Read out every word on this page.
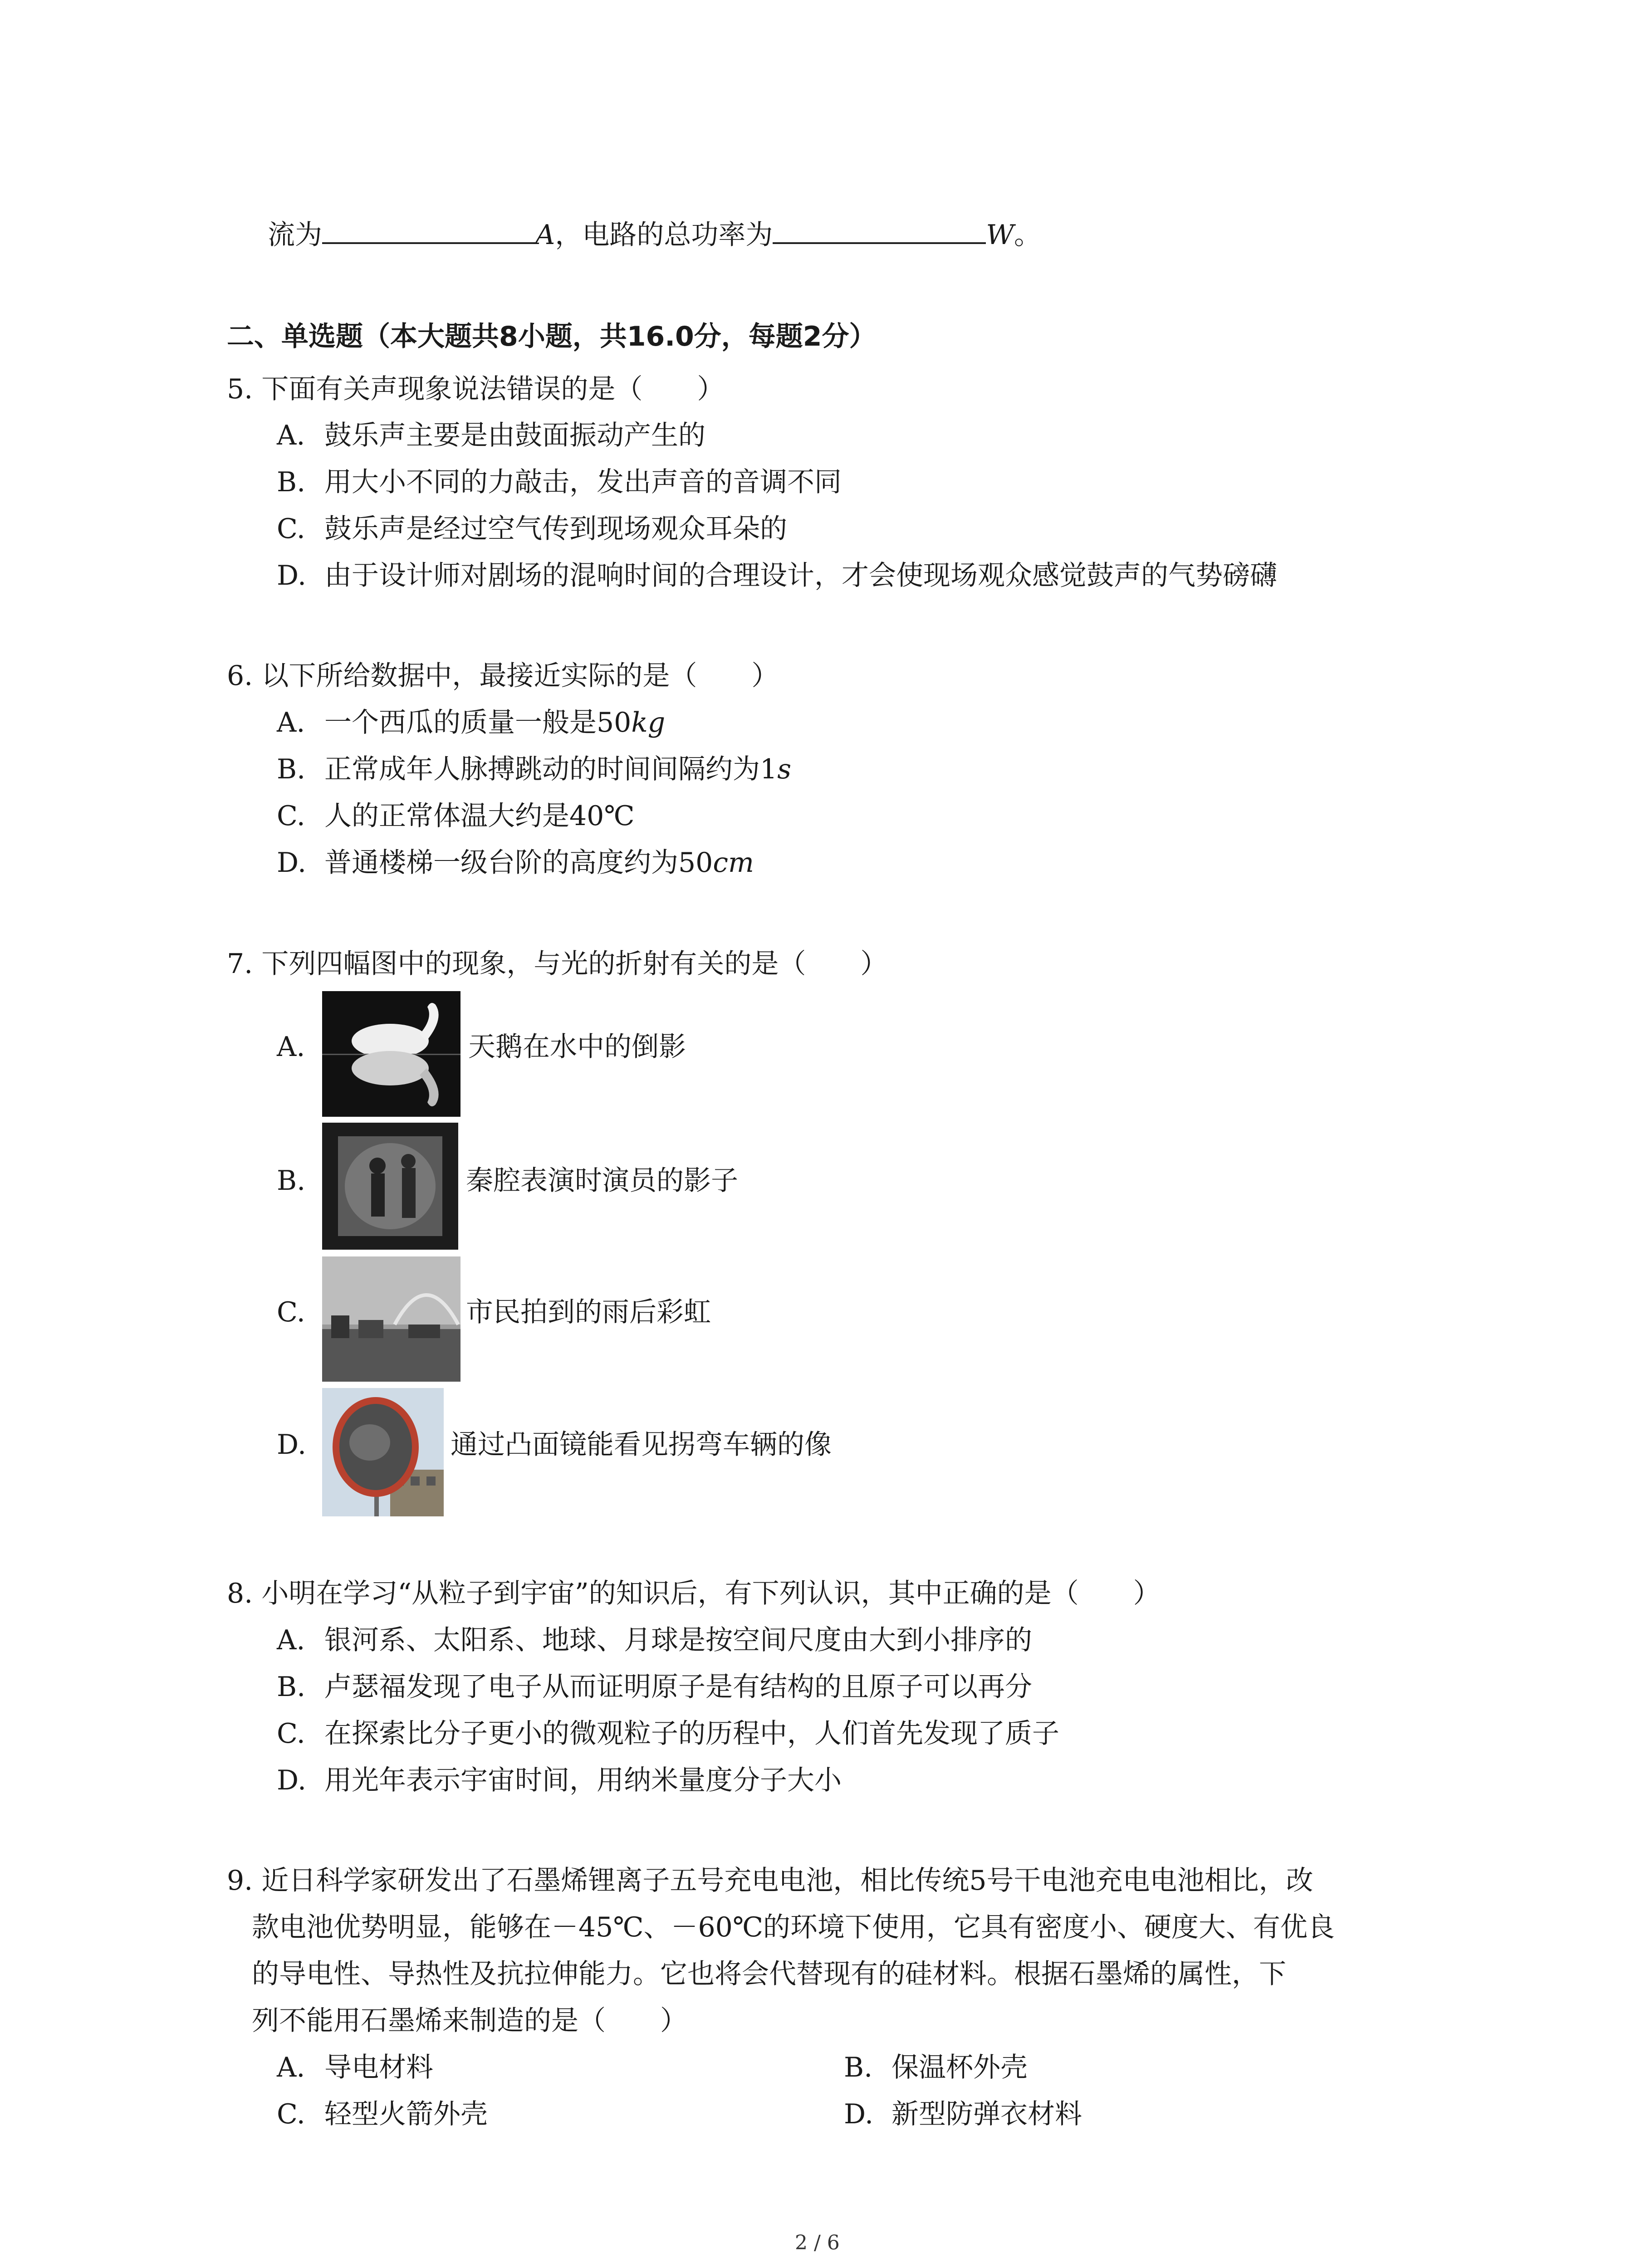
流为	A，电路的总功率为	W。
二、单选题（本大题共8小题，共16.0分，每题2分）
5. 下面有关声现象说法错误的是（　　）
A. 鼓乐声主要是由鼓面振动产生的
B. 用大小不同的力敲击，发出声音的音调不同
C. 鼓乐声是经过空气传到现场观众耳朵的
D. 由于设计师对剧场的混响时间的合理设计，才会使现场观众感觉鼓声的气势磅礴
6. 以下所给数据中，最接近实际的是（　　）
A. 一个西瓜的质量一般是50kg
B. 正常成年人脉搏跳动的时间间隔约为1s
C. 人的正常体温大约是40℃
D. 普通楼梯一级台阶的高度约为50cm
7. 下列四幅图中的现象，与光的折射有关的是（　　）
A.	天鹅在水中的倒影
B.	秦腔表演时演员的影子
C.	市民拍到的雨后彩虹
D.	通过凸面镜能看见拐弯车辆的像
8. 小明在学习“从粒子到宇宙”的知识后，有下列认识，其中正确的是（　　）
A. 银河系、太阳系、地球、月球是按空间尺度由大到小排序的
B. 卢瑟福发现了电子从而证明原子是有结构的且原子可以再分
C. 在探索比分子更小的微观粒子的历程中，人们首先发现了质子
D. 用光年表示宇宙时间，用纳米量度分子大小
9. 近日科学家研发出了石墨烯锂离子五号充电电池，相比传统5号干电池充电电池相比，改
款电池优势明显，能够在－45℃、－60℃的环境下使用，它具有密度小、硬度大、有优良
的导电性、导热性及抗拉伸能力。它也将会代替现有的硅材料。根据石墨烯的属性，下
列不能用石墨烯来制造的是（　　）
A. 导电材料	B. 保温杯外壳
C. 轻型火箭外壳	D. 新型防弹衣材料
2 / 6
